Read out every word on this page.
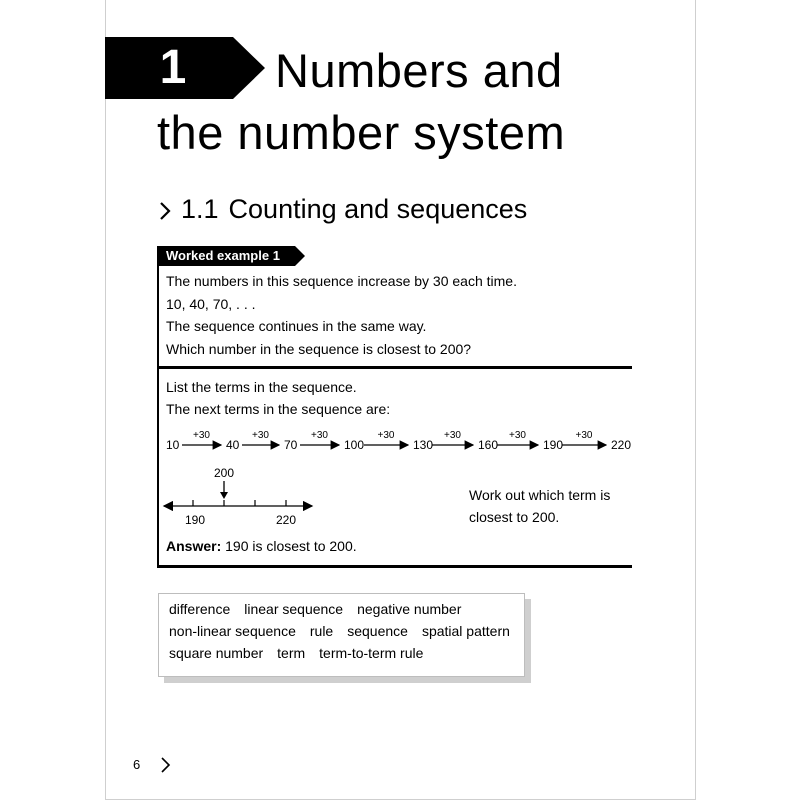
1	Numbers and
the number system
1.1 Counting and sequences
Worked example 1
The numbers in this sequence increase by 30 each time.
10, 40, 70, . . .
The sequence continues in the same way.
Which number in the sequence is closest to 200?
List the terms in the sequence.
The next terms in the sequence are:
10	40	70	100	130	160	190	220
+30	+30	+30	+30	+30	+30	+30
200
190	220
Work out which term is
closest to 200.
Answer: 190 is closest to 200.
difference linear sequence negative number
non-linear sequence rule sequence spatial pattern
square number term term-to-term rule
6
